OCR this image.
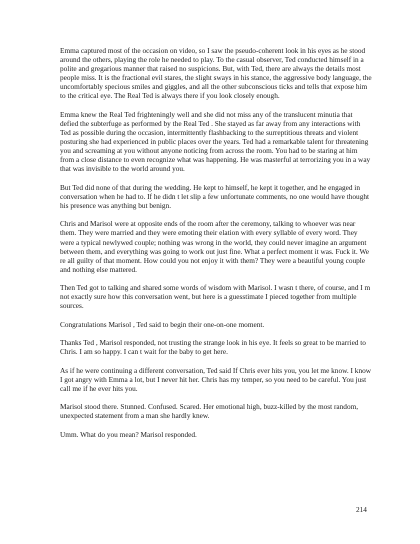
Emma captured most of the occasion on video, so I saw the pseudo-coherent look in his eyes as he stood around the others, playing the role he needed to play. To the casual observer, Ted conducted himself in a polite and gregarious manner that raised no suspicions. But, with Ted, there are always the details most people miss. It is the fractional evil stares, the slight sways in his stance, the aggressive body language, the uncomfortably specious smiles and giggles, and all the other subconscious ticks and tells that expose him to the critical eye. The Real Ted is always there if you look closely enough.

Emma knew the Real Ted frighteningly well and she did not miss any of the translucent minutia that defied the subterfuge as performed by the Real Ted . She stayed as far away from any interactions with Ted as possible during the occasion, intermittently flashbacking to the surreptitious threats and violent posturing she had experienced in public places over the years. Ted had a remarkable talent for threatening you and screaming at you without anyone noticing from across the room. You had to be staring at him from a close distance to even recognize what was happening. He was masterful at terrorizing you in a way that was invisible to the world around you.

But Ted did none of that during the wedding. He kept to himself, he kept it together, and he engaged in conversation when he had to. If he didn t let slip a few unfortunate comments, no one would have thought his presence was anything but benign.

Chris and Marisol were at opposite ends of the room after the ceremony, talking to whoever was near them. They were married and they were emoting their elation with every syllable of every word. They were a typical newlywed couple; nothing was wrong in the world, they could never imagine an argument between them, and everything was going to work out just fine. What a perfect moment it was. Fuck it. We re all guilty of that moment. How could you not enjoy it with them? They were a beautiful young couple and nothing else mattered.

Then Ted got to talking and shared some words of wisdom with Marisol. I wasn t there, of course, and I m not exactly sure how this conversation went, but here is a guesstimate I pieced together from multiple sources.

Congratulations Marisol , Ted said to begin their one-on-one moment.

Thanks Ted , Marisol responded, not trusting the strange look in his eye. It feels so great to be married to Chris. I am so happy. I can t wait for the baby to get here.

As if he were continuing a different conversation, Ted said If Chris ever hits you, you let me know. I know I got angry with Emma a lot, but I never hit her. Chris has my temper, so you need to be careful. You just call me if he ever hits you.

Marisol stood there. Stunned. Confused. Scared. Her emotional high, buzz-killed by the most random, unexpected statement from a man she hardly knew.

Umm. What do you mean? Marisol responded.

214
